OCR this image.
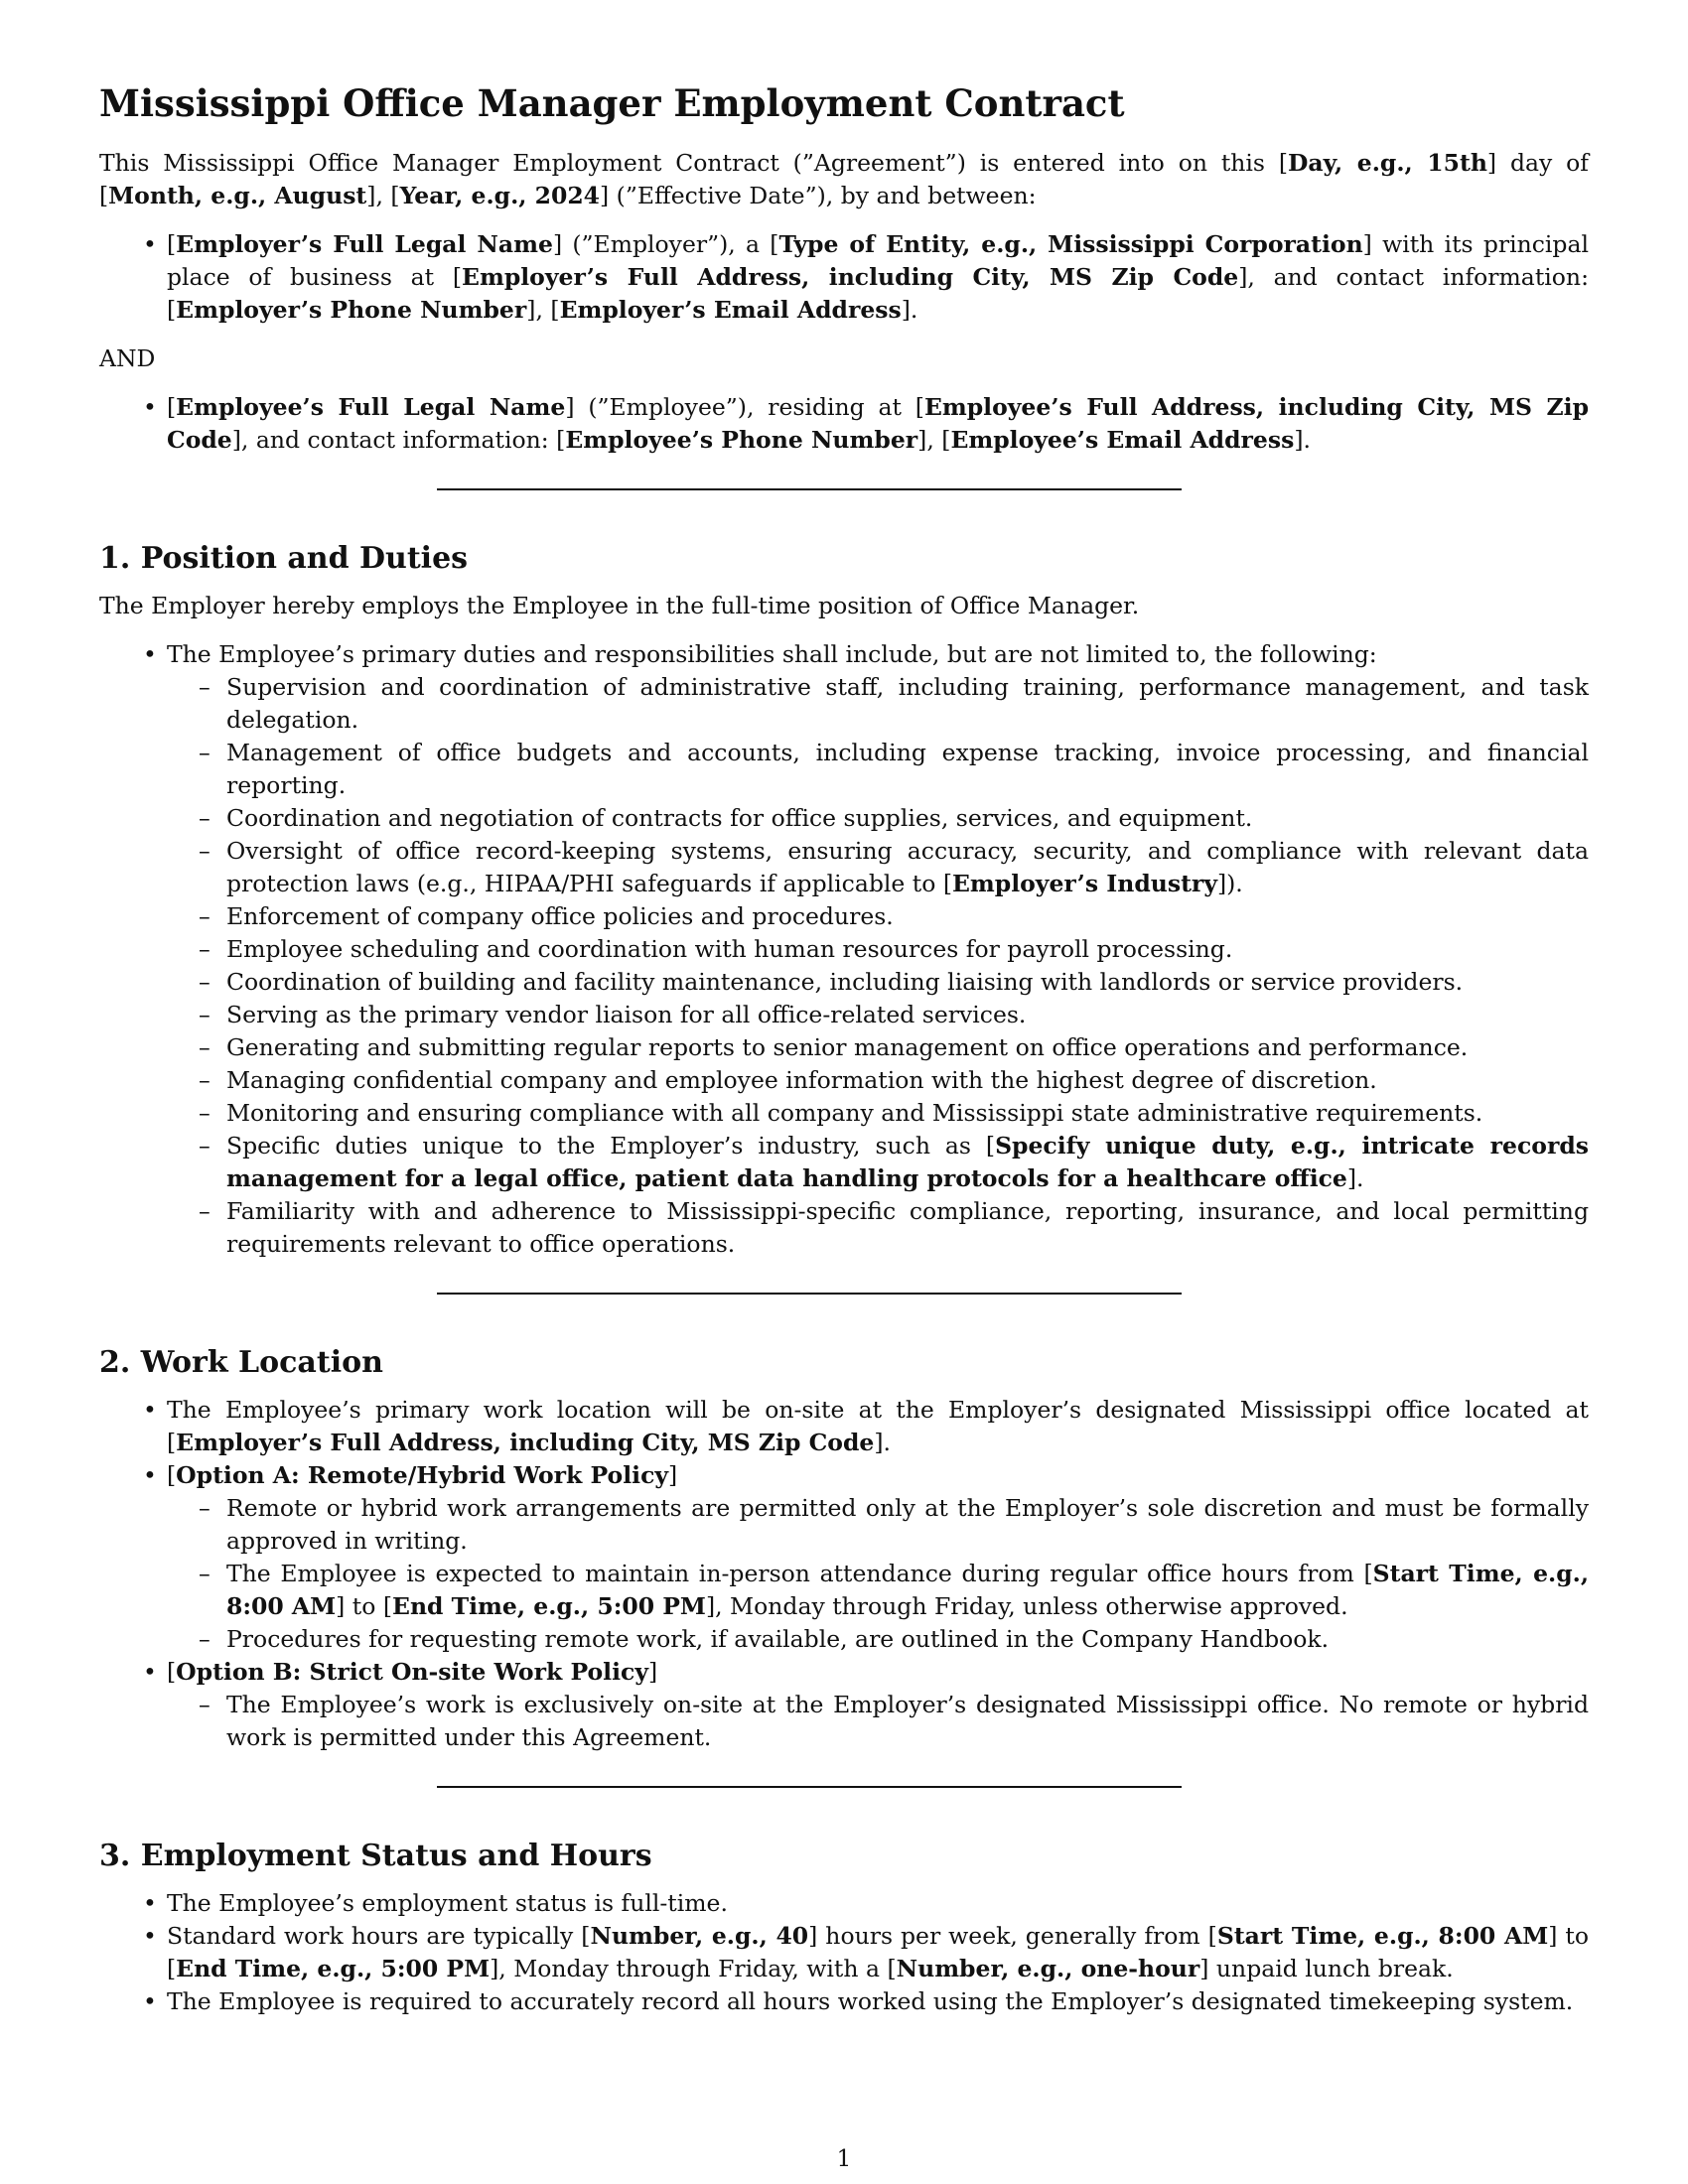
Mississippi Office Manager Employment Contract

This Mississippi Office Manager Employment Contract (”Agreement”) is entered into on this [Day, e.g., 15th] day of [Month, e.g., August], [Year, e.g., 2024] (”Effective Date”), by and between:

• [Employer’s Full Legal Name] (”Employer”), a [Type of Entity, e.g., Mississippi Corporation] with its principal place of business at [Employer’s Full Address, including City, MS Zip Code], and contact information: [Employer’s Phone Number], [Employer’s Email Address].
AND
• [Employee’s Full Legal Name] (”Employee”), residing at [Employee’s Full Address, including City, MS Zip Code], and contact information: [Employee’s Phone Number], [Employee’s Email Address].
1. Position and Duties

The Employer hereby employs the Employee in the full-time position of Office Manager.

• The Employee’s primary duties and responsibilities shall include, but are not limited to, the following:
– Supervision and coordination of administrative staff, including training, performance management, and task delegation.
– Management of office budgets and accounts, including expense tracking, invoice processing, and financial reporting.
– Coordination and negotiation of contracts for office supplies, services, and equipment.
– Oversight of office record-keeping systems, ensuring accuracy, security, and compliance with relevant data protection laws (e.g., HIPAA/PHI safeguards if applicable to [Employer’s Industry]).
– Enforcement of company office policies and procedures.
– Employee scheduling and coordination with human resources for payroll processing.
– Coordination of building and facility maintenance, including liaising with landlords or service providers.
– Serving as the primary vendor liaison for all office-related services.
– Generating and submitting regular reports to senior management on office operations and performance.
– Managing confidential company and employee information with the highest degree of discretion.
– Monitoring and ensuring compliance with all company and Mississippi state administrative requirements.
– Specific duties unique to the Employer’s industry, such as [Specify unique duty, e.g., intricate records management for a legal office, patient data handling protocols for a healthcare office].
– Familiarity with and adherence to Mississippi-specific compliance, reporting, insurance, and local permitting requirements relevant to office operations.
2. Work Location
• The Employee’s primary work location will be on-site at the Employer’s designated Mississippi office located at [Employer’s Full Address, including City, MS Zip Code].
• [Option A: Remote/Hybrid Work Policy]
– Remote or hybrid work arrangements are permitted only at the Employer’s sole discretion and must be formally approved in writing.
– The Employee is expected to maintain in-person attendance during regular office hours from [Start Time, e.g., 8:00 AM] to [End Time, e.g., 5:00 PM], Monday through Friday, unless otherwise approved.
– Procedures for requesting remote work, if available, are outlined in the Company Handbook.
• [Option B: Strict On-site Work Policy]
– The Employee’s work is exclusively on-site at the Employer’s designated Mississippi office. No remote or hybrid work is permitted under this Agreement.
3. Employment Status and Hours
• The Employee’s employment status is full-time.
• Standard work hours are typically [Number, e.g., 40] hours per week, generally from [Start Time, e.g., 8:00 AM] to [End Time, e.g., 5:00 PM], Monday through Friday, with a [Number, e.g., one-hour] unpaid lunch break.
• The Employee is required to accurately record all hours worked using the Employer’s designated timekeeping system.
1
